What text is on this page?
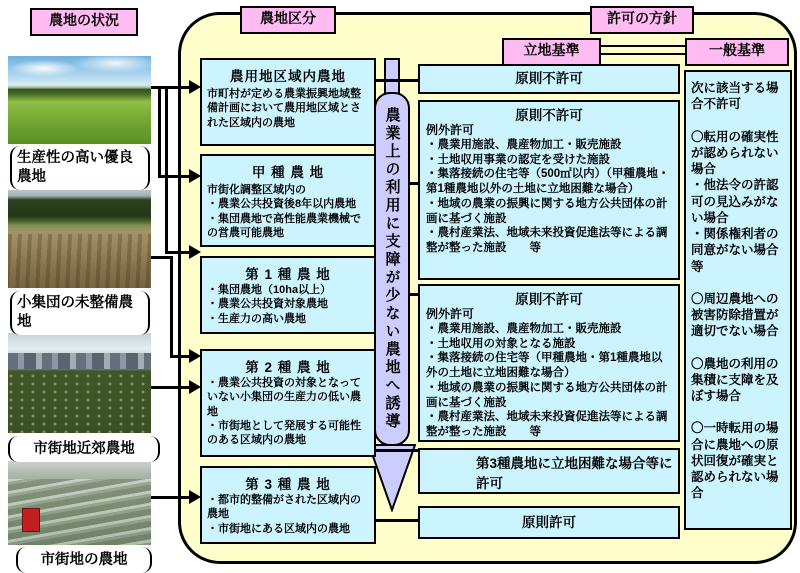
農地の状況	農地区分	許可の方針
立地基準	一般基準
生産性の高い優良農地
小集団の未整備農地
市街地近郊農地
市街地の農地
農業上の利用に支障が少ない農地へ誘導
農用地区域内農地
市町村が定める農業振興地域整備計画において農用地区域とされた区域内の農地
甲 種 農 地
市街化調整区域内の
・農業公共投資後8年以内農地
・集団農地で高性能農業機械での営農可能農地
第 1 種 農 地
・集団農地（10ha以上）
・農業公共投資対象農地
・生産力の高い農地
第 2 種 農 地
・農業公共投資の対象となっていない小集団の生産力の低い農地
・市街地として発展する可能性のある区域内の農地
第 3 種 農 地
・都市的整備がされた区域内の農地
・市街地にある区域内の農地
原則不許可
原則不許可
例外許可
・農業用施設、農産物加工・販売施設
・土地収用事業の認定を受けた施設
・集落接続の住宅等（500㎡以内）（甲種農地・第1種農地以外の土地に立地困難な場合）
・地域の農業の振興に関する地方公共団体の計画に基づく施設
・農村産業法、地域未来投資促進法等による調整が整った施設　　等
原則不許可
例外許可
・農業用施設、農産物加工・販売施設
・土地収用の対象となる施設
・集落接続の住宅等（甲種農地・第1種農地以外の土地に立地困難な場合）
・地域の農業の振興に関する地方公共団体の計画に基づく施設
・農村産業法、地域未来投資促進法等による調整が整った施設　　等
第3種農地に立地困難な場合等に許可
原則許可
次に該当する場合不許可
〇転用の確実性が認められない場合
・他法令の許認可の見込みがない場合
・関係権利者の同意がない場合
等
〇周辺農地への被害防除措置が適切でない場合
〇農地の利用の集積に支障を及ぼす場合
〇一時転用の場合に農地への原状回復が確実と認められない場合
